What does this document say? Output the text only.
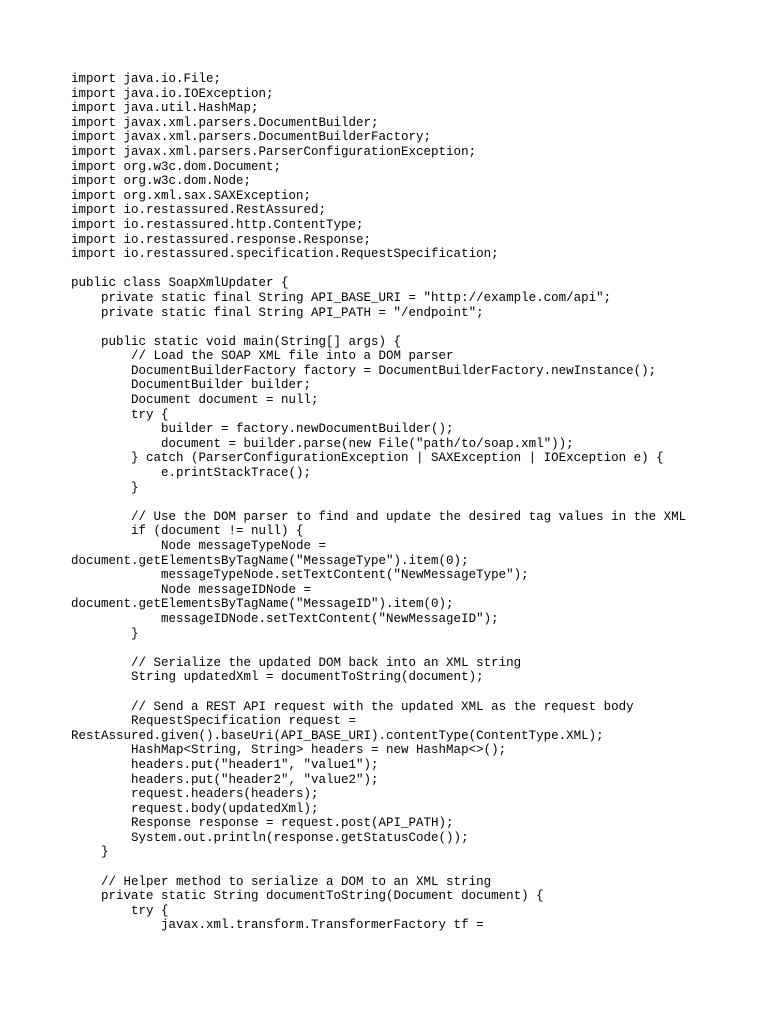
import java.io.File;
import java.io.IOException;
import java.util.HashMap;
import javax.xml.parsers.DocumentBuilder;
import javax.xml.parsers.DocumentBuilderFactory;
import javax.xml.parsers.ParserConfigurationException;
import org.w3c.dom.Document;
import org.w3c.dom.Node;
import org.xml.sax.SAXException;
import io.restassured.RestAssured;
import io.restassured.http.ContentType;
import io.restassured.response.Response;
import io.restassured.specification.RequestSpecification;
public class SoapXmlUpdater {
private static final String API_BASE_URI = "http://example.com/api";
private static final String API_PATH = "/endpoint";
public static void main(String[] args) {
// Load the SOAP XML file into a DOM parser
DocumentBuilderFactory factory = DocumentBuilderFactory.newInstance();
DocumentBuilder builder;
Document document = null;
try {
builder = factory.newDocumentBuilder();
document = builder.parse(new File("path/to/soap.xml"));
} catch (ParserConfigurationException | SAXException | IOException e) {
e.printStackTrace();
}
// Use the DOM parser to find and update the desired tag values in the XML
if (document != null) {
Node messageTypeNode =
document.getElementsByTagName("MessageType").item(0);
messageTypeNode.setTextContent("NewMessageType");
Node messageIDNode =
document.getElementsByTagName("MessageID").item(0);
messageIDNode.setTextContent("NewMessageID");
}
// Serialize the updated DOM back into an XML string
String updatedXml = documentToString(document);
// Send a REST API request with the updated XML as the request body
RequestSpecification request =
RestAssured.given().baseUri(API_BASE_URI).contentType(ContentType.XML);
HashMap<String, String> headers = new HashMap<>();
headers.put("header1", "value1");
headers.put("header2", "value2");
request.headers(headers);
request.body(updatedXml);
Response response = request.post(API_PATH);
System.out.println(response.getStatusCode());
}
// Helper method to serialize a DOM to an XML string
private static String documentToString(Document document) {
try {
javax.xml.transform.TransformerFactory tf =
